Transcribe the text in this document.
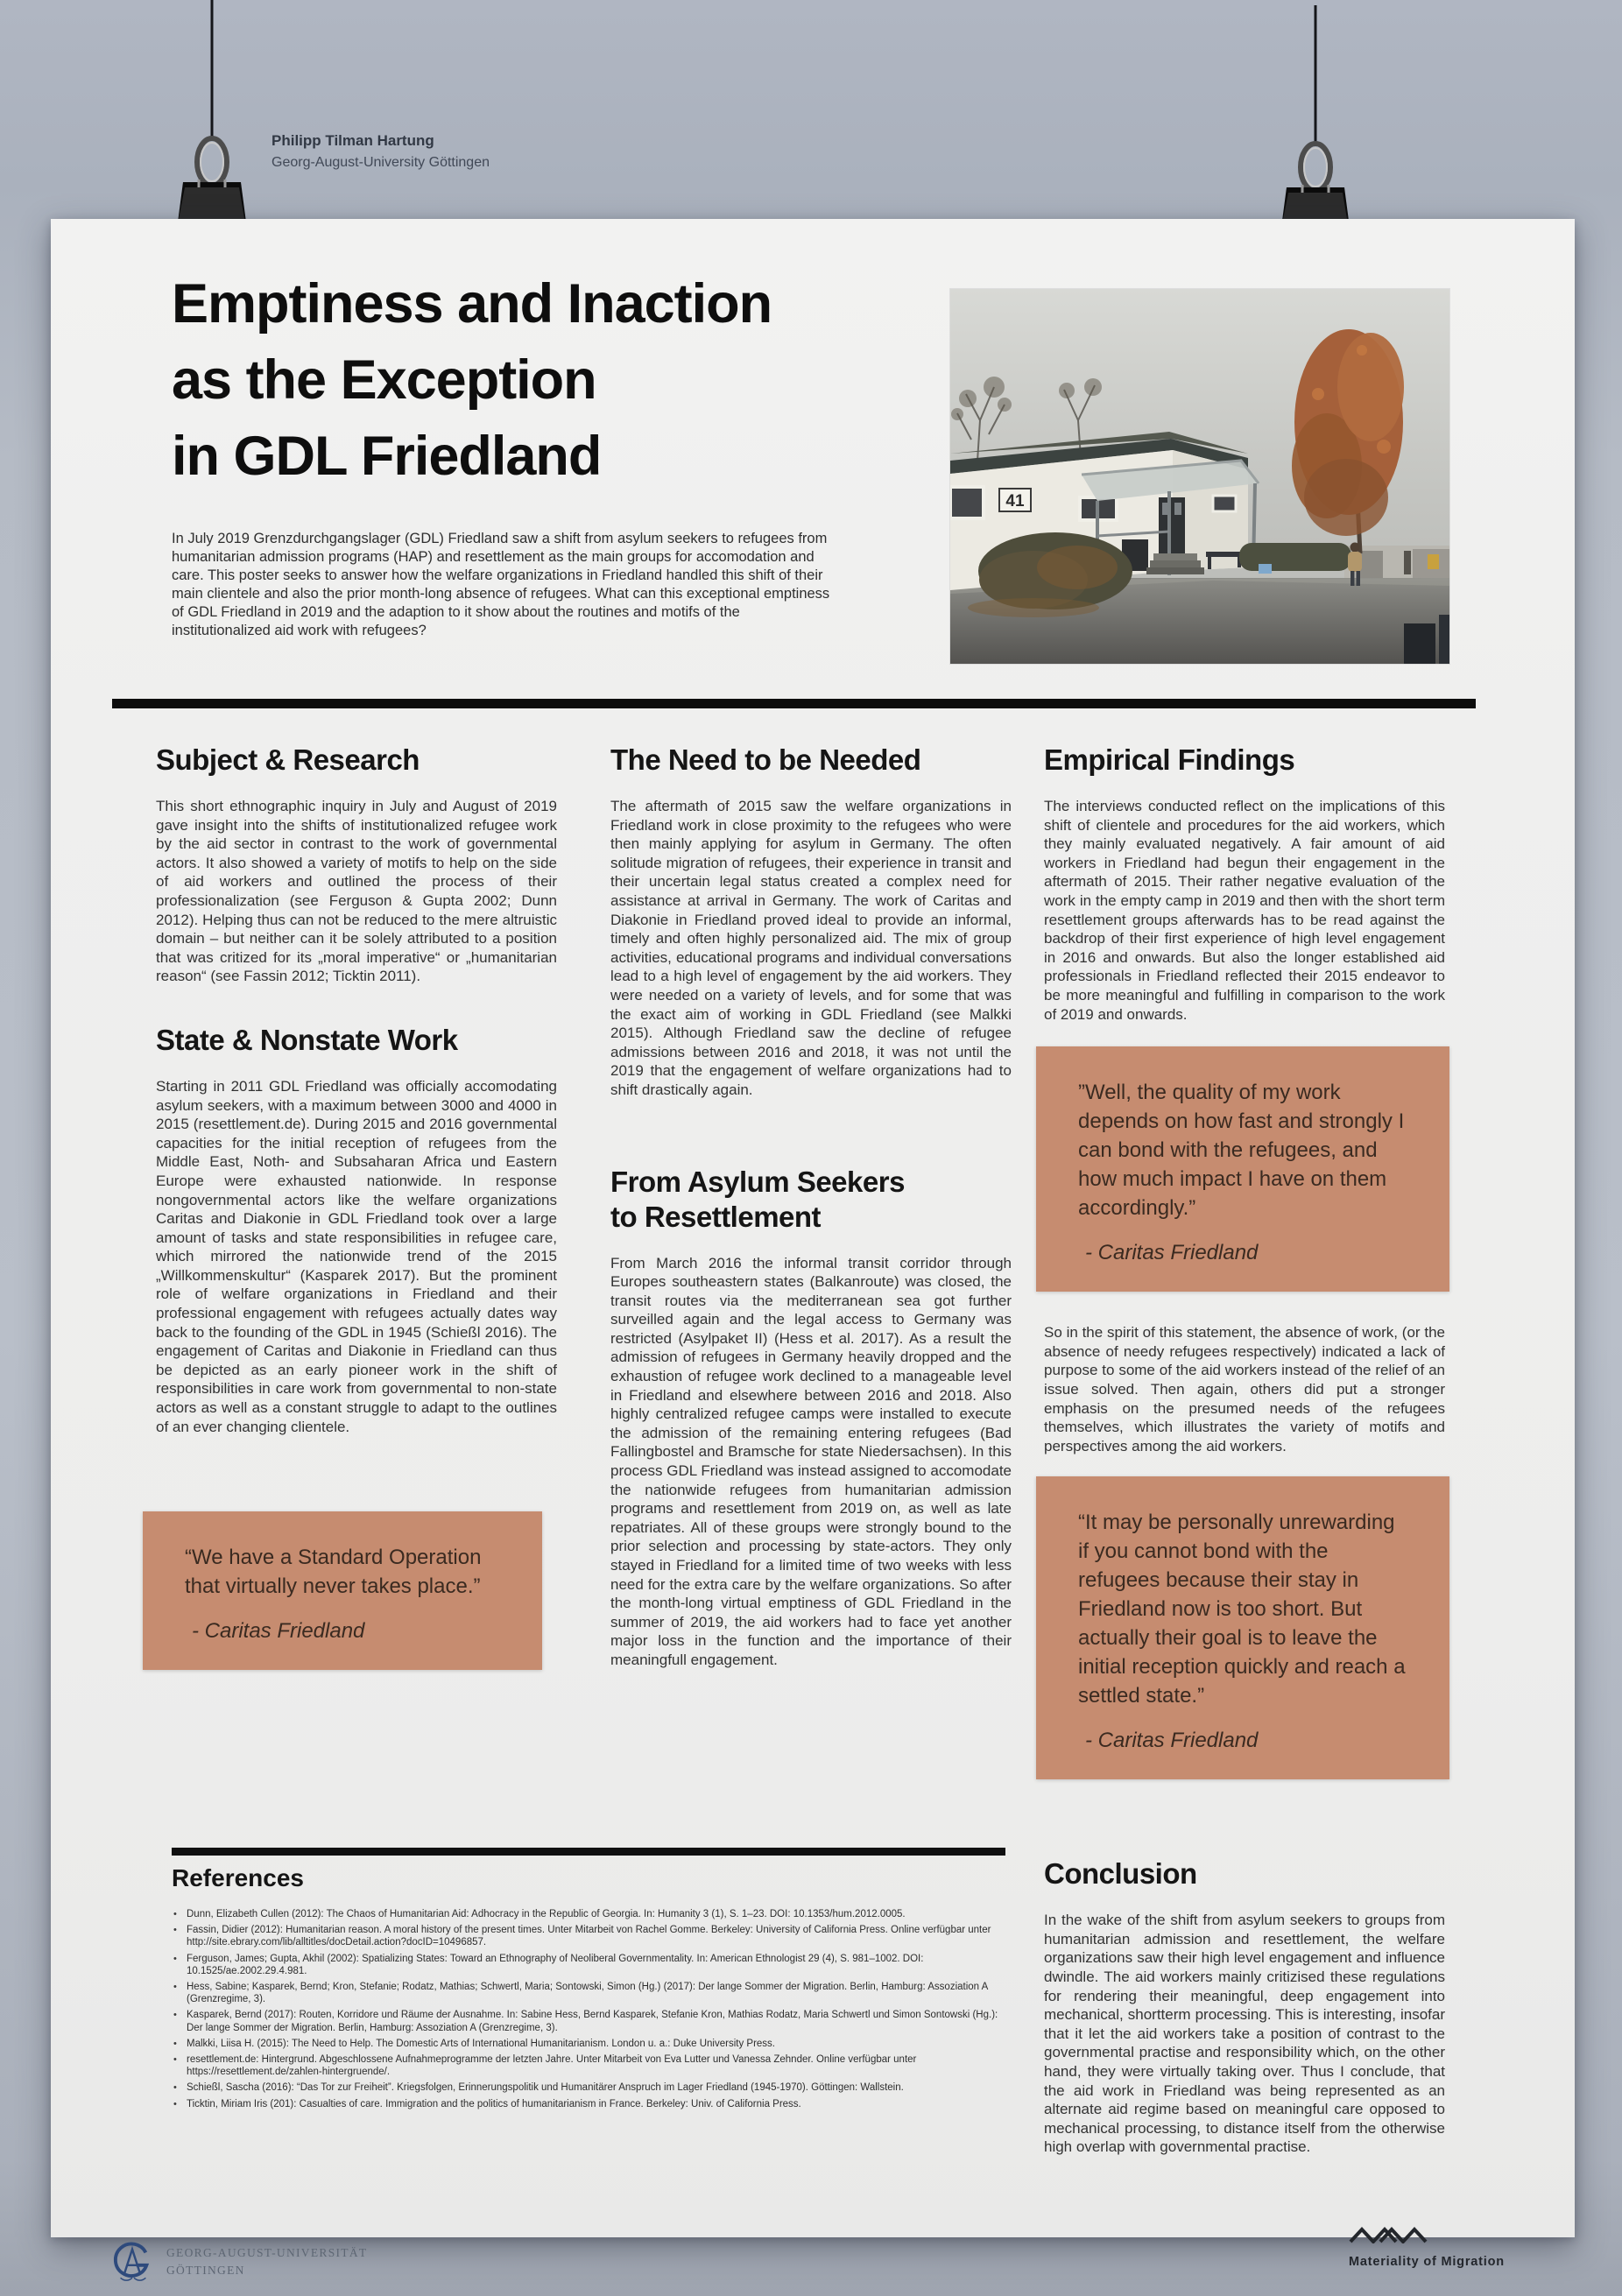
Philipp Tilman Hartung
Georg-August-University Göttingen
Emptiness and Inaction
as the Exception
in GDL Friedland

In July 2019 Grenzdurchgangslager (GDL) Friedland saw a shift from asylum seekers to refugees from humanitarian admission programs (HAP) and resettlement as the main groups for accomodation and care. This poster seeks to answer how the welfare organizations in Friedland handled this shift of their main clientele and also the prior month-long absence of refugees. What can this exceptional emptiness of GDL Friedland in 2019 and the adaption to it show about the routines and motifs of the institutionalized aid work with refugees?

41
Subject & Research

This short ethnographic inquiry in July and August of 2019 gave insight into the shifts of institutionalized refugee work by the aid sector in contrast to the work of governmental actors. It also showed a variety of motifs to help on the side of aid workers and outlined the process of their professionalization (see Ferguson & Gupta 2002; Dunn 2012). Helping thus can not be reduced to the mere altruistic domain – but neither can it be solely attributed to a position that was critized for its „moral imperative“ or „humanitarian reason“ (see Fassin 2012; Ticktin 2011).

State & Nonstate Work

Starting in 2011 GDL Friedland was officially accomodating asylum seekers, with a maximum between 3000 and 4000 in 2015 (resettlement.de). During 2015 and 2016 governmental capacities for the initial reception of refugees from the Middle East, Noth- and Subsaharan Africa und Eastern Europe were exhausted nationwide. In response nongovernmental actors like the welfare organizations Caritas and Diakonie in GDL Friedland took over a large amount of tasks and state responsibilities in refugee care, which mirrored the nationwide trend of the 2015 „Willkommenskultur“ (Kasparek 2017). But the prominent role of welfare organizations in Friedland and their professional engagement with refugees actually dates way back to the founding of the GDL in 1945 (Schießl 2016). The engagement of Caritas and Diakonie in Friedland can thus be depicted as an early pioneer work in the shift of responsibilities in care work from governmental to non-state actors as well as a constant struggle to adapt to the outlines of an ever changing clientele.

“We have a Standard Operation that virtually never takes place.”
- Caritas Friedland
The Need to be Needed

The aftermath of 2015 saw the welfare organizations in Friedland work in close proximity to the refugees who were then mainly applying for asylum in Germany. The often solitude migration of refugees, their experience in transit and their uncertain legal status created a complex need for assistance at arrival in Germany. The work of Caritas and Diakonie in Friedland proved ideal to provide an informal, timely and often highly personalized aid. The mix of group activities, educational programs and individual conversations lead to a high level of engagement by the aid workers. They were needed on a variety of levels, and for some that was the exact aim of working in GDL Friedland (see Malkki 2015). Although Friedland saw the decline of refugee admissions between 2016 and 2018, it was not until the 2019 that the engagement of welfare organizations had to shift drastically again.

From Asylum Seekers
to Resettlement

From March 2016 the informal transit corridor through Europes southeastern states (Balkanroute) was closed, the transit routes via the mediterranean sea got further surveilled again and the legal access to Germany was restricted (Asylpaket II) (Hess et al. 2017). As a result the admission of refugees in Germany heavily dropped and the exhaustion of refugee work declined to a manageable level in Friedland and elsewhere between 2016 and 2018. Also highly centralized refugee camps were installed to execute the admission of the remaining entering refugees (Bad Fallingbostel and Bramsche for state Niedersachsen). In this process GDL Friedland was instead assigned to accomodate the nationwide refugees from humanitarian admission programs and resettlement from 2019 on, as well as late repatriates. All of these groups were strongly bound to the prior selection and processing by state-actors. They only stayed in Friedland for a limited time of two weeks with less need for the extra care by the welfare organizations. So after the month-long virtual emptiness of GDL Friedland in the summer of 2019, the aid workers had to face yet another major loss in the function and the importance of their meaningfull engagement.

Empirical Findings

The interviews conducted reflect on the implications of this shift of clientele and procedures for the aid workers, which they mainly evaluated negatively. A fair amount of aid workers in Friedland had begun their engagement in the aftermath of 2015. Their rather negative evaluation of the work in the empty camp in 2019 and then with the short term resettlement groups afterwards has to be read against the backdrop of their first experience of high level engagement in 2016 and onwards. But also the longer established aid professionals in Friedland reflected their 2015 endeavor to be more meaningful and fulfilling in comparison to the work of 2019 and onwards.

”Well, the quality of my work depends on how fast and strongly I can bond with the refugees, and how much impact I have on them accordingly.”
- Caritas Friedland

So in the spirit of this statement, the absence of work, (or the absence of needy refugees respectively) indicated a lack of purpose to some of the aid workers instead of the relief of an issue solved. Then again, others did put a stronger emphasis on the presumed needs of the refugees themselves, which illustrates the variety of motifs and perspectives among the aid workers.

“It may be personally unrewarding if you cannot bond with the refugees because their stay in Friedland now is too short. But actually their goal is to leave the initial reception quickly and reach a settled state.”
- Caritas Friedland
Conclusion

In the wake of the shift from asylum seekers to groups from humanitarian admission and resettlement, the welfare organizations saw their high level engagement and influence dwindle. The aid workers mainly critizised these regulations for rendering their meaningful, deep engagement into mechanical, shortterm processing. This is interesting, insofar that it let the aid workers take a position of contrast to the governmental practise and responsibility which, on the other hand, they were virtually taking over. Thus I conclude, that the aid work in Friedland was being represented as an alternate aid regime based on meaningful care opposed to mechanical processing, to distance itself from the otherwise high overlap with governmental practise.

References
• Dunn, Elizabeth Cullen (2012): The Chaos of Humanitarian Aid: Adhocracy in the Republic of Georgia. In: Humanity 3 (1), S. 1–23. DOI: 10.1353/hum.2012.0005.
• Fassin, Didier (2012): Humanitarian reason. A moral history of the present times. Unter Mitarbeit von Rachel Gomme. Berkeley: University of California Press. Online verfügbar unter http://site.ebrary.com/lib/alltitles/docDetail.action?docID=10496857.
• Ferguson, James; Gupta, Akhil (2002): Spatializing States: Toward an Ethnography of Neoliberal Governmentality. In: American Ethnologist 29 (4), S. 981–1002. DOI: 10.1525/ae.2002.29.4.981.
• Hess, Sabine; Kasparek, Bernd; Kron, Stefanie; Rodatz, Mathias; Schwertl, Maria; Sontowski, Simon (Hg.) (2017): Der lange Sommer der Migration. Berlin, Hamburg: Assoziation A (Grenzregime, 3).
• Kasparek, Bernd (2017): Routen, Korridore und Räume der Ausnahme. In: Sabine Hess, Bernd Kasparek, Stefanie Kron, Mathias Rodatz, Maria Schwertl und Simon Sontowski (Hg.): Der lange Sommer der Migration. Berlin, Hamburg: Assoziation A (Grenzregime, 3).
• Malkki, Liisa H. (2015): The Need to Help. The Domestic Arts of International Humanitarianism. London u. a.: Duke University Press.
• resettlement.de: Hintergrund. Abgeschlossene Aufnahmeprogramme der letzten Jahre. Unter Mitarbeit von Eva Lutter und Vanessa Zehnder. Online verfügbar unter https://resettlement.de/zahlen-hintergruende/.
• Schießl, Sascha (2016): “Das Tor zur Freiheit”. Kriegsfolgen, Erinnerungspolitik und Humanitärer Anspruch im Lager Friedland (1945-1970). Göttingen: Wallstein.
• Ticktin, Miriam Iris (201): Casualties of care. Immigration and the politics of humanitarianism in France. Berkeley: Univ. of California Press.
GEORG-AUGUST-UNIVERSITÄT
GÖTTINGEN
Materiality of Migration
